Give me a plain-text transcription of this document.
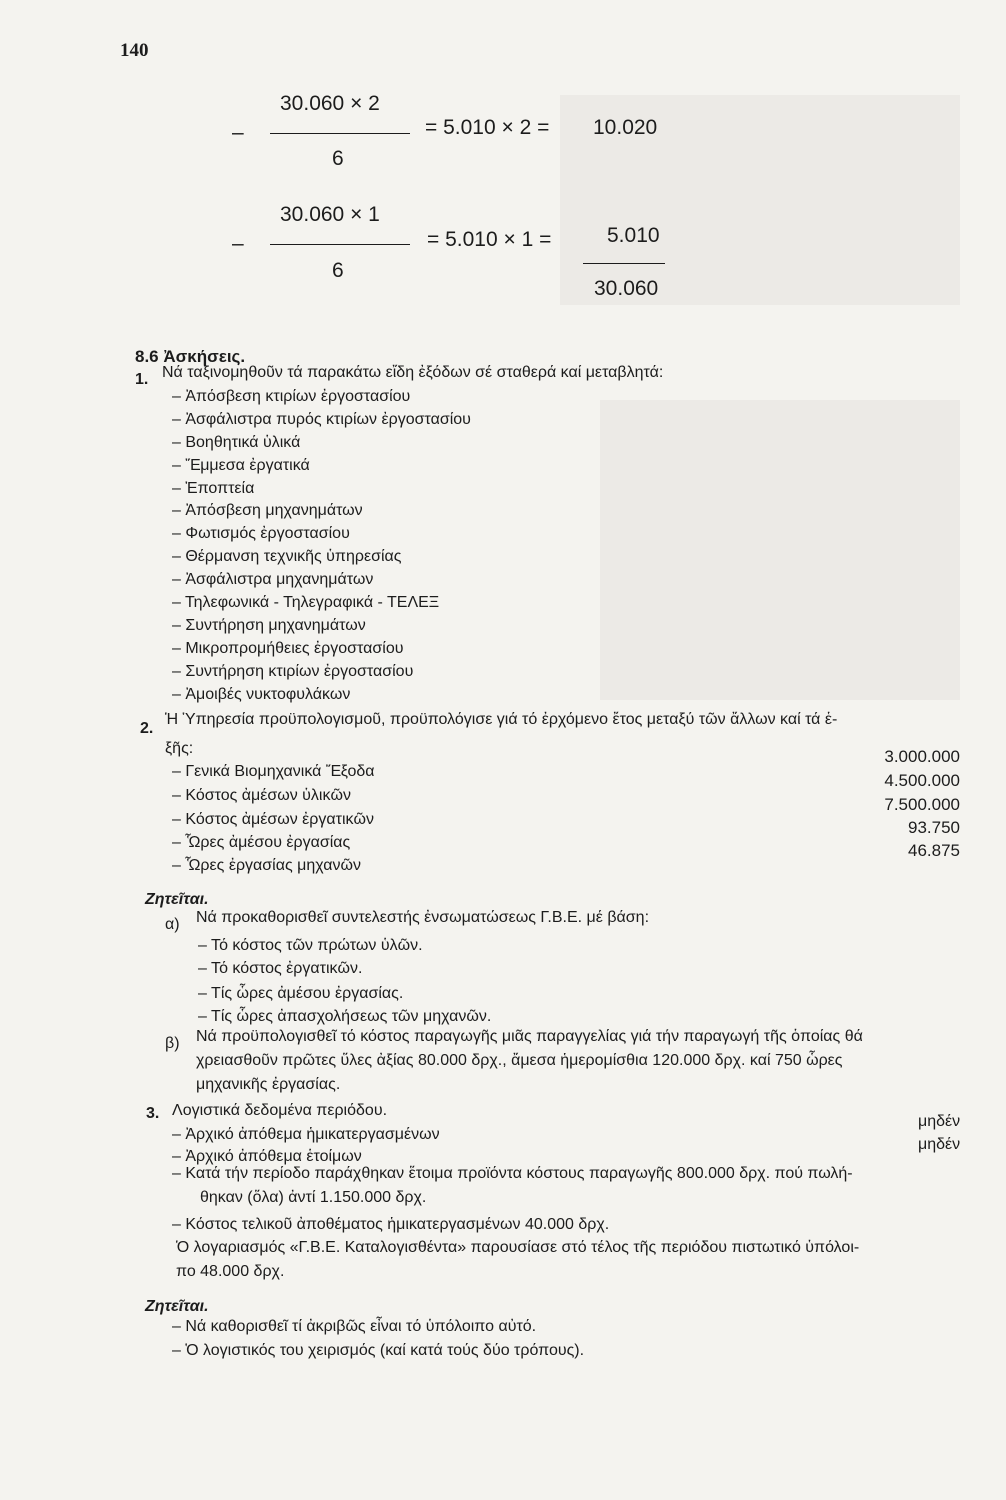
140
30.060 × 2
–	= 5.010 × 2 = 10.020
6
30.060 × 1
–	= 5.010 × 1 =	5.010
6
30.060
8.6 Ἀσκήσεις.
1. Νά ταξινομηθοῦν τά παρακάτω εἴδη ἐξόδων σέ σταθερά καί μεταβλητά:
– Ἀπόσβεση κτιρίων ἐργοστασίου
– Ἀσφάλιστρα πυρός κτιρίων ἐργοστασίου
– Βοηθητικά ὑλικά
– Ἔμμεσα ἐργατικά
– Ἐποπτεία
– Ἀπόσβεση μηχανημάτων
– Φωτισμός ἐργοστασίου
– Θέρμανση τεχνικῆς ὑπηρεσίας
– Ἀσφάλιστρα μηχανημάτων
– Τηλεφωνικά - Τηλεγραφικά - ΤΕΛΕΞ
– Συντήρηση μηχανημάτων
– Μικροπρομήθειες ἐργοστασίου
– Συντήρηση κτιρίων ἐργοστασίου
– Ἀμοιβές νυκτοφυλάκων
2.
Ἡ Ὑπηρεσία προϋπολογισμοῦ, προϋπολόγισε γιά τό ἐρχόμενο ἔτος μεταξύ τῶν ἄλλων καί τά ἑ-
ξῆς:
– Γενικά Βιομηχανικά Ἔξοδα
3.000.000
– Κόστος ἀμέσων ὑλικῶν
4.500.000
– Κόστος ἀμέσων ἐργατικῶν
7.500.000
– Ὧρες ἀμέσου ἐργασίας
93.750
– Ὧρες ἐργασίας μηχανῶν
46.875
Ζητεῖται.
α) Νά προκαθορισθεῖ συντελεστής ἐνσωματώσεως Γ.Β.Ε. μέ βάση:
– Τό κόστος τῶν πρώτων ὑλῶν.
– Τό κόστος ἐργατικῶν.
– Τίς ὧρες ἀμέσου ἐργασίας.
– Τίς ὧρες ἀπασχολήσεως τῶν μηχανῶν.
β) Νά προϋπολογισθεῖ τό κόστος παραγωγῆς μιᾶς παραγγελίας γιά τήν παραγωγή τῆς ὁποίας θά
χρειασθοῦν πρῶτες ὕλες ἀξίας 80.000 δρχ., ἄμεσα ἡμερομίσθια 120.000 δρχ. καί 750 ὧρες
μηχανικῆς ἐργασίας.
3. Λογιστικά δεδομένα περιόδου.
– Ἀρχικό ἀπόθεμα ἡμικατεργασμένων
μηδέν
– Ἀρχικό ἀπόθεμα ἑτοίμων
μηδέν
– Κατά τήν περίοδο παράχθηκαν ἕτοιμα προϊόντα κόστους παραγωγῆς 800.000 δρχ. πού πωλή-
θηκαν (ὅλα) ἀντί 1.150.000 δρχ.
– Κόστος τελικοῦ ἀποθέματος ἡμικατεργασμένων 40.000 δρχ.
Ὁ λογαριασμός «Γ.Β.Ε. Καταλογισθέντα» παρουσίασε στό τέλος τῆς περιόδου πιστωτικό ὑπόλοι-
πο 48.000 δρχ.
Ζητεῖται.
– Νά καθορισθεῖ τί ἀκριβῶς εἶναι τό ὑπόλοιπο αὐτό.
– Ὁ λογιστικός του χειρισμός (καί κατά τούς δύο τρόπους).
